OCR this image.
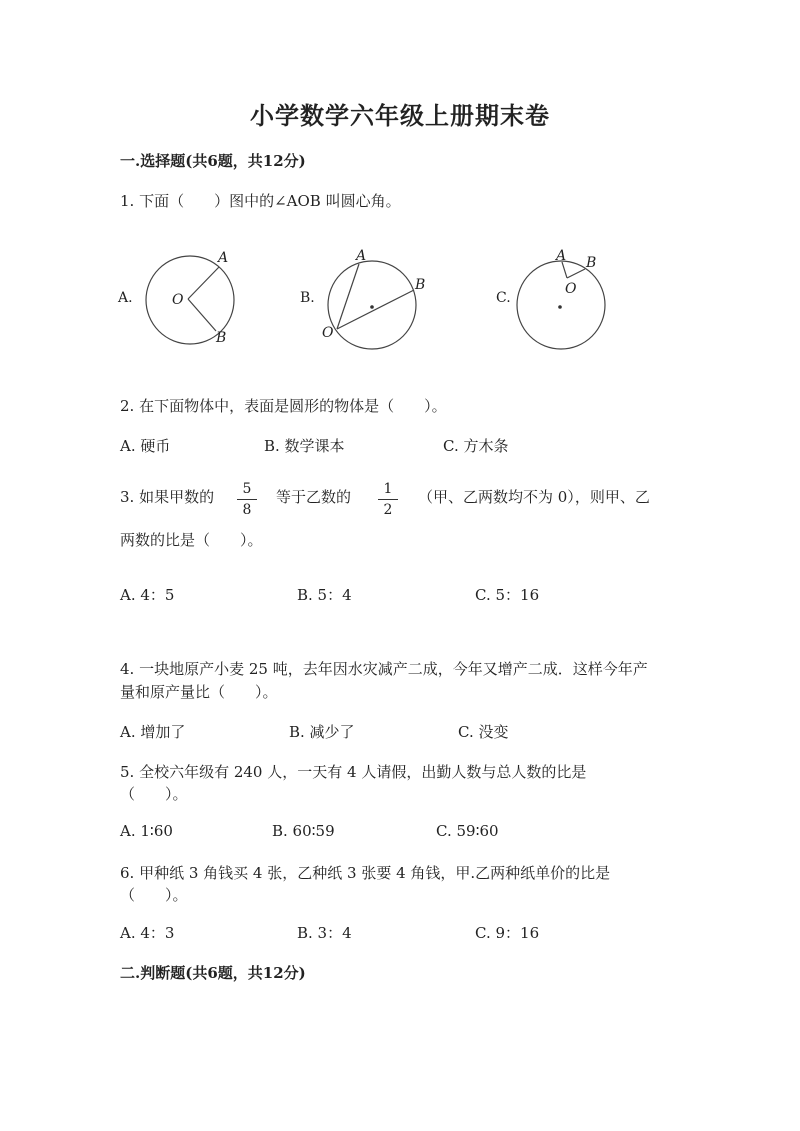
小学数学六年级上册期末卷
一.选择题(共6题，共12分)
1. 下面（　　）图中的∠AOB 叫圆心角。
A.
A
O
B
B.
A
O
B
C.
A
O
B
2. 在下面物体中，表面是圆形的物体是（　　）。
A. 硬币	B. 数学课本	C. 方木条
3. 如果甲数的	5
8
等于乙数的	1
2
（甲、乙两数均不为 0），则甲、乙
两数的比是（　　）。
A. 4：5	B. 5：4	C. 5：16
4. 一块地原产小麦 25 吨，去年因水灾减产二成，今年又增产二成．这样今年产
量和原产量比（　　）。
A. 增加了	B. 减少了	C. 没变
5. 全校六年级有 240 人，一天有 4 人请假，出勤人数与总人数的比是
（　　）。
A. 1∶60	B. 60∶59	C. 59∶60
6. 甲种纸 3 角钱买 4 张，乙种纸 3 张要 4 角钱，甲.乙两种纸单价的比是
（　　）。
A. 4：3	B. 3：4	C. 9：16
二.判断题(共6题，共12分)
